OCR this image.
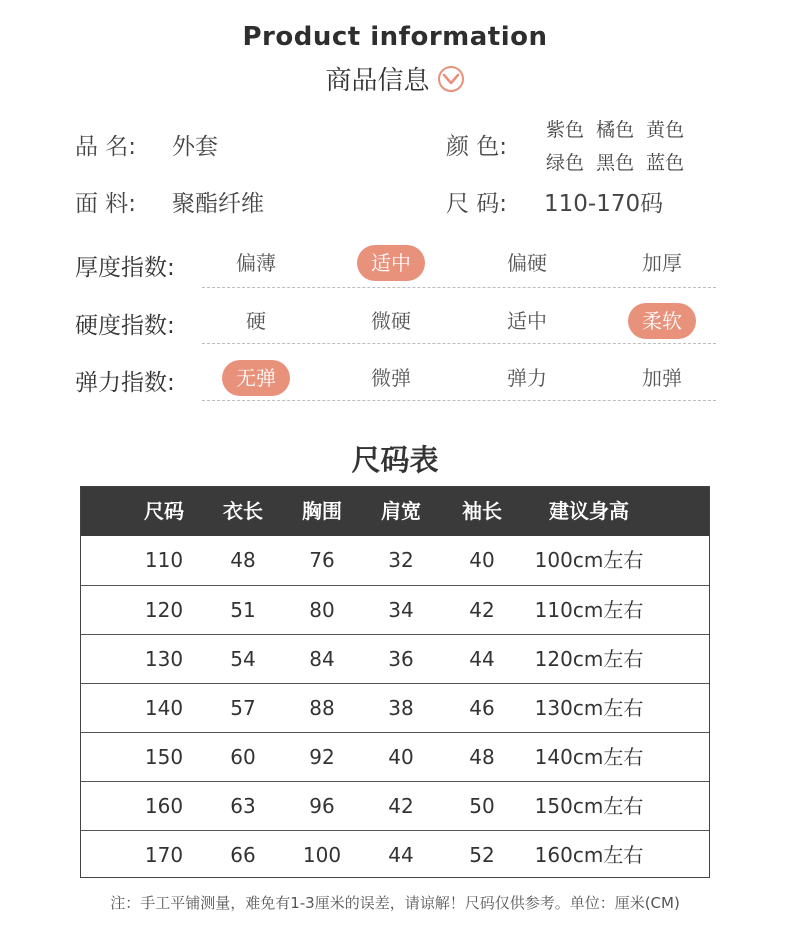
Product information
商品信息
品 名: 外套
面 料: 聚酯纤维
颜 色:
紫色  橘色  黄色
绿色  黑色  蓝色
尺 码: 110-170码
厚度指数:	偏薄	适中	偏硬	加厚
硬度指数:	硬	微硬	适中	柔软
弹力指数:	无弹	微弹	弹力	加弹
尺码表
尺码	衣长	胸围	肩宽	袖长	建议身高
110	48	76	32	40	100cm左右
120	51	80	34	42	110cm左右
130	54	84	36	44	120cm左右
140	57	88	38	46	130cm左右
150	60	92	40	48	140cm左右
160	63	96	42	50	150cm左右
170	66	100	44	52	160cm左右
注：手工平铺测量，难免有1-3厘米的误差，请谅解！尺码仅供参考。单位：厘米(CM)
